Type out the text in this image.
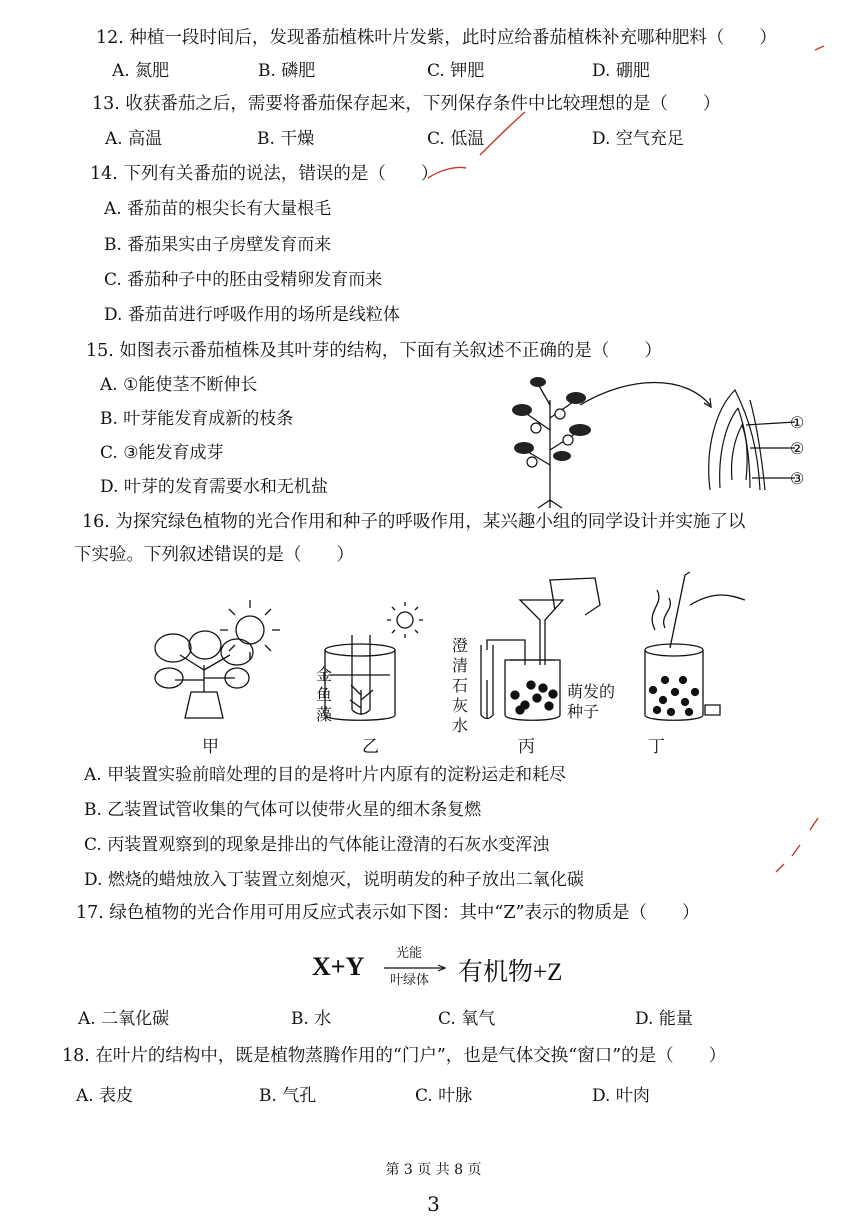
12. 种植一段时间后，发现番茄植株叶片发紫，此时应给番茄植株补充哪种肥料（　　）
A. 氮肥	B. 磷肥	C. 钾肥	D. 硼肥
13. 收获番茄之后，需要将番茄保存起来，下列保存条件中比较理想的是（　　）
A. 高温	B. 干燥	C. 低温	D. 空气充足
14. 下列有关番茄的说法，错误的是（　　）
A. 番茄苗的根尖长有大量根毛
B. 番茄果实由子房壁发育而来
C. 番茄种子中的胚由受精卵发育而来
D. 番茄苗进行呼吸作用的场所是线粒体
15. 如图表示番茄植株及其叶芽的结构，下面有关叙述不正确的是（　　）
A. ①能使茎不断伸长
B. 叶芽能发育成新的枝条
C. ③能发育成芽
D. 叶芽的发育需要水和无机盐
①
②
③
16. 为探究绿色植物的光合作用和种子的呼吸作用，某兴趣小组的同学设计并实施了以
下实验。下列叙述错误的是（　　）
金
鱼
藻
澄
清
石
灰
水
萌发的
种子
甲	乙	丙	丁
A. 甲装置实验前暗处理的目的是将叶片内原有的淀粉运走和耗尽
B. 乙装置试管收集的气体可以使带火星的细木条复燃
C. 丙装置观察到的现象是排出的气体能让澄清的石灰水变浑浊
D. 燃烧的蜡烛放入丁装置立刻熄灭，说明萌发的种子放出二氧化碳
17. 绿色植物的光合作用可用反应式表示如下图：其中“Z”表示的物质是（　　）
X+Y 光能
叶绿体 有机物+Z
A. 二氧化碳	B. 水	C. 氧气	D. 能量
18. 在叶片的结构中，既是植物蒸腾作用的“门户”，也是气体交换“窗口”的是（　　）
A. 表皮	B. 气孔	C. 叶脉	D. 叶肉
第 3 页 共 8 页
3
